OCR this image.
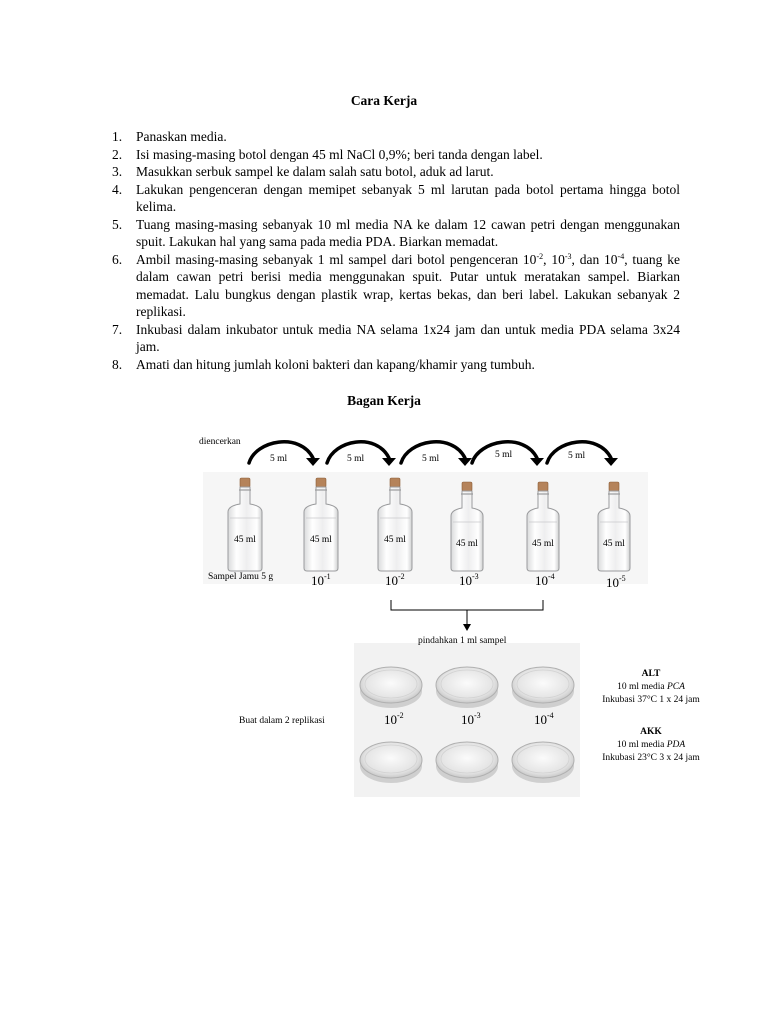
Cara Kerja
1. Panaskan media.
2. Isi masing-masing botol dengan 45 ml NaCl 0,9%; beri tanda dengan label.
3. Masukkan serbuk sampel ke dalam salah satu botol, aduk ad larut.
4. Lakukan pengenceran dengan memipet sebanyak 5 ml larutan pada botol pertama hingga botol kelima.
5. Tuang masing-masing sebanyak 10 ml media NA ke dalam 12 cawan petri dengan menggunakan spuit. Lakukan hal yang sama pada media PDA. Biarkan memadat.
6. Ambil masing-masing sebanyak 1 ml sampel dari botol pengenceran $10^{-2}$, $10^{-3}$, dan $10^{-4}$, tuang ke dalam cawan petri berisi media menggunakan spuit. Putar untuk meratakan sampel. Biarkan memadat. Lalu bungkus dengan plastik wrap, kertas bekas, dan beri label. Lakukan sebanyak 2 replikasi.
7. Inkubasi dalam inkubator untuk media NA selama 1x24 jam dan untuk media PDA selama 3x24 jam.
8. Amati dan hitung jumlah koloni bakteri dan kapang/khamir yang tumbuh.
Bagan Kerja
diencerkan
5 ml	5 ml	5 ml	5 ml	5 ml
45 ml	45 ml	45 ml	45 ml	45 ml	45 ml
Sampel Jamu 5 g	$10^{-1}$	$10^{-2}$	$10^{-3}$	$10^{-4}$	$10^{-5}$
pindahkan 1 ml sampel
Buat dalam 2 replikasi	$10^{-2}$	$10^{-3}$	$10^{-4}$
ALT
10 ml media PCA
Inkubasi 37°C 1 x 24 jam
AKK
10 ml media PDA
Inkubasi 23°C 3 x 24 jam
